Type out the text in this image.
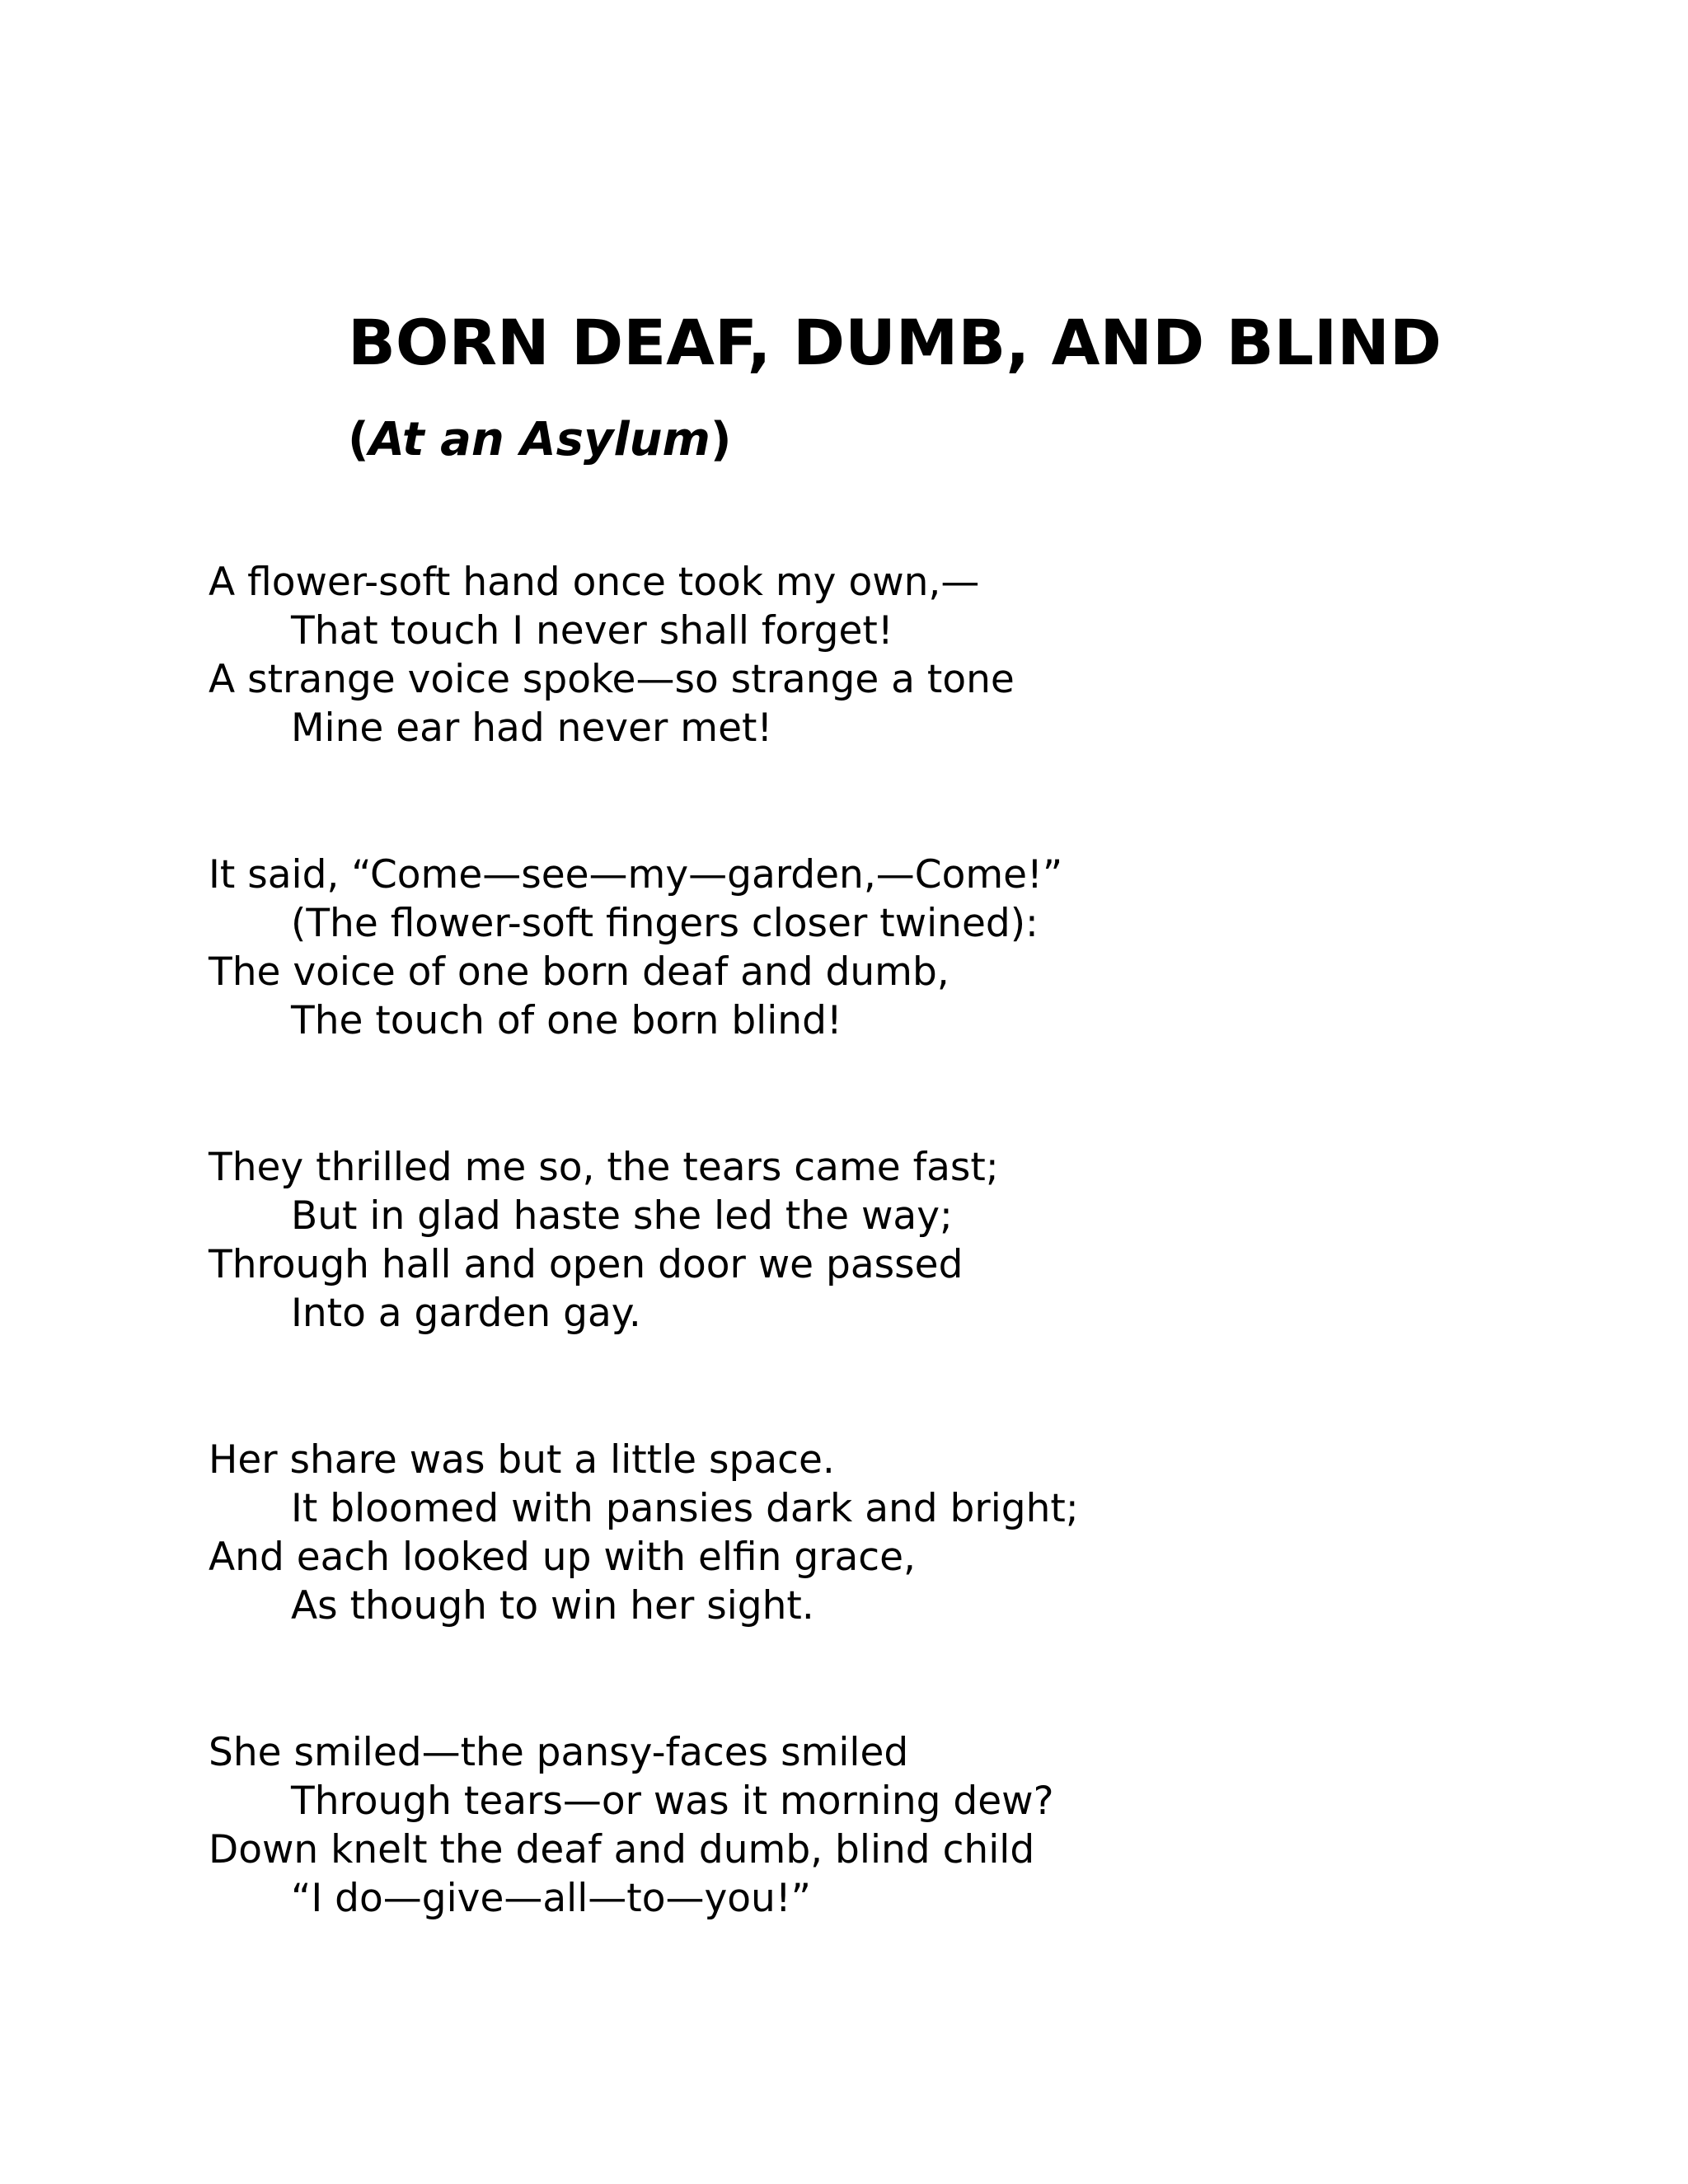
BORN DEAF, DUMB, AND BLIND
(At an Asylum)
A flower-soft hand once took my own,—
That touch I never shall forget!
A strange voice spoke—so strange a tone
Mine ear had never met!
It said, “Come—see—my—garden,—Come!”
(The flower-soft fingers closer twined):
The voice of one born deaf and dumb,
The touch of one born blind!
They thrilled me so, the tears came fast;
But in glad haste she led the way;
Through hall and open door we passed
Into a garden gay.
Her share was but a little space.
It bloomed with pansies dark and bright;
And each looked up with elfin grace,
As though to win her sight.
She smiled—the pansy-faces smiled
Through tears—or was it morning dew?
Down knelt the deaf and dumb, blind child
“I do—give—all—to—you!”
